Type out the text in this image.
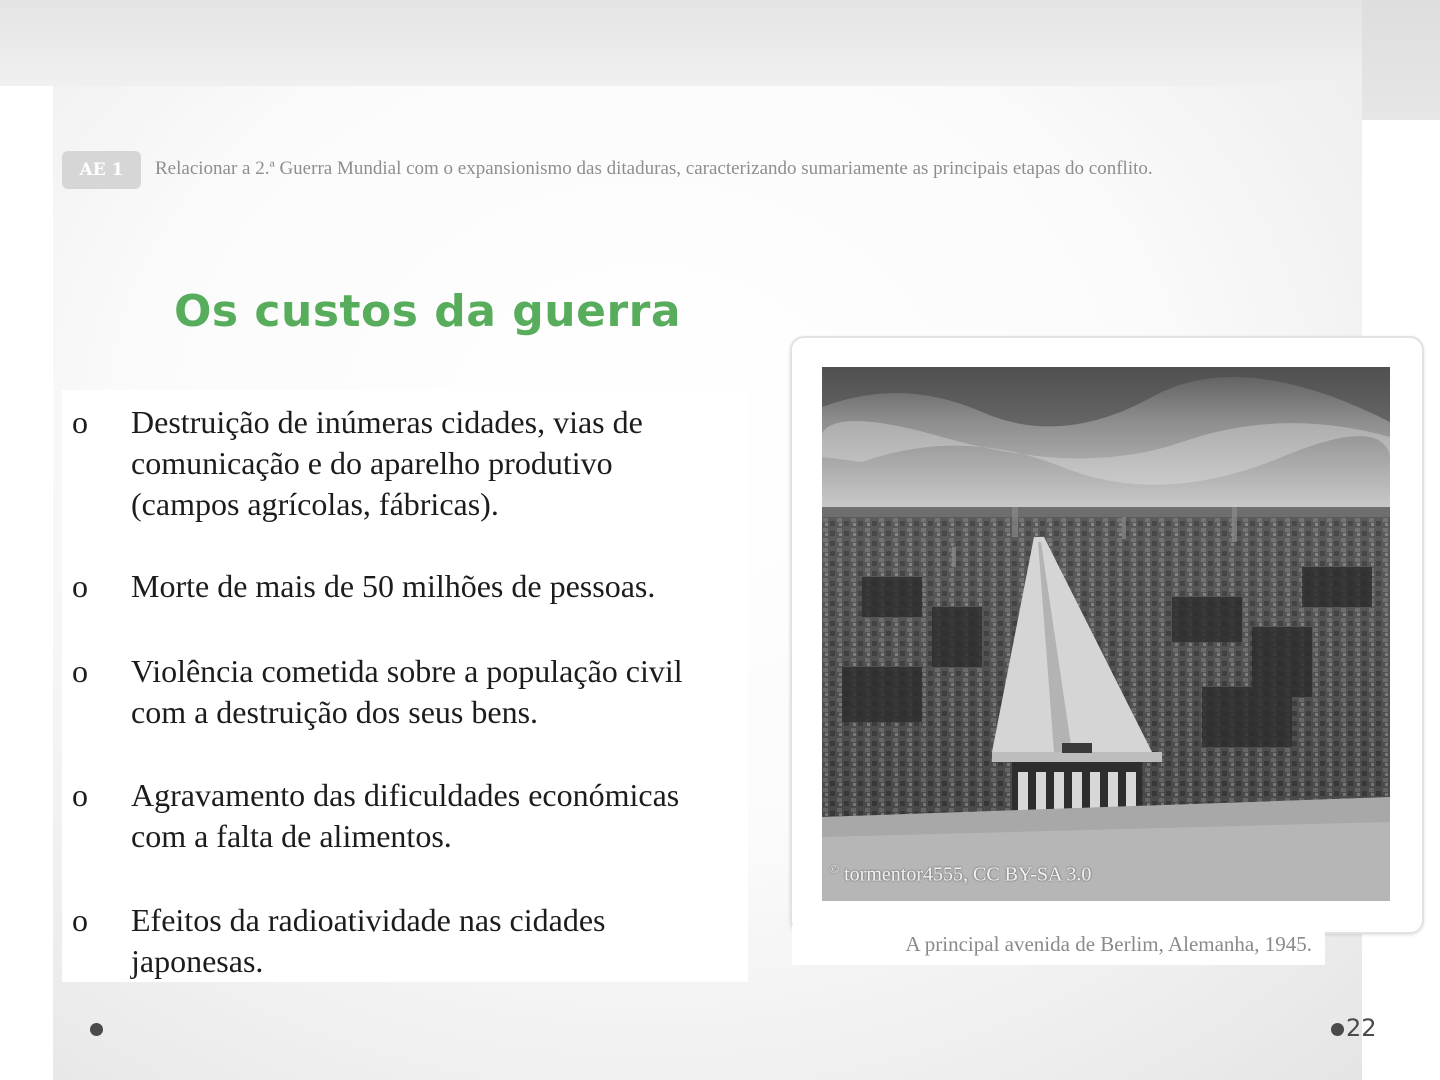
AE 1	Relacionar a 2.ª Guerra Mundial com o expansionismo das ditaduras, caracterizando sumariamente as principais etapas do conflito.
Os custos da guerra
o	Destruição de inúmeras cidades, vias de
comunicação e do aparelho produtivo
(campos agrícolas, fábricas).
o	Morte de mais de 50 milhões de pessoas.
o	Violência cometida sobre a população civil
com a destruição dos seus bens.
o	Agravamento das dificuldades económicas
com a falta de alimentos.
o	Efeitos da radioatividade nas cidades
japonesas.
© tormentor4555, CC BY-SA 3.0
A principal avenida de Berlim, Alemanha, 1945.
22
